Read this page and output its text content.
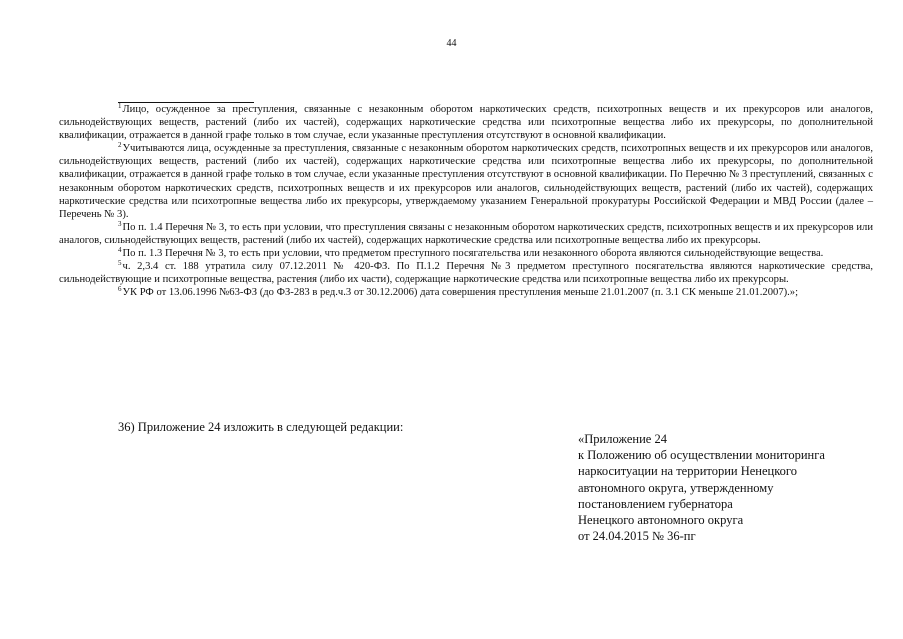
44

$^1$Лицо, осужденное за преступления, связанные с незаконным оборотом наркотических средств, психотропных веществ и их прекурсоров или аналогов, сильнодействующих веществ, растений (либо их частей), содержащих наркотические средства или психотропные вещества либо их прекурсоры, по дополнительной квалификации, отражается в данной графе только в том случае, если указанные преступления отсутствуют в основной квалификации.

$^2$Учитываются лица, осужденные за преступления, связанные с незаконным оборотом наркотических средств, психотропных веществ и их прекурсоров или аналогов, сильнодействующих веществ, растений (либо их частей), содержащих наркотические средства или психотропные вещества либо их прекурсоры, по дополнительной квалификации, отражается в данной графе только в том случае, если указанные преступления отсутствуют в основной квалификации. По Перечню № 3 преступлений, связанных с незаконным оборотом наркотических средств, психотропных веществ и их прекурсоров или аналогов, сильнодействующих веществ, растений (либо их частей), содержащих наркотические средства или психотропные вещества либо их прекурсоры, утверждаемому указанием Генеральной прокуратуры Российской Федерации и МВД России (далее – Перечень № 3).

$^3$По п. 1.4 Перечня № 3, то есть при условии, что преступления связаны с незаконным оборотом наркотических средств, психотропных веществ и их прекурсоров или аналогов, сильнодействующих веществ, растений (либо их частей), содержащих наркотические средства или психотропные вещества либо их прекурсоры.

$^4$По п. 1.3 Перечня № 3, то есть при условии, что предметом преступного посягательства или незаконного оборота являются сильнодействующие вещества.

$^5$ч. 2,3.4 ст. 188 утратила силу 07.12.2011 № 420-ФЗ. По П.1.2 Перечня №3 предметом преступного посягательства являются наркотические средства, сильнодействующие и психотропные вещества, растения (либо их части), содержащие наркотические средства или психотропные вещества либо их прекурсоры.

$^6$УК РФ от 13.06.1996 №63-ФЗ (до ФЗ-283 в ред.ч.3 от 30.12.2006) дата совершения преступления меньше 21.01.2007 (п. 3.1 СК меньше 21.01.2007).»;

36) Приложение 24 изложить в следующей редакции:
«Приложение 24
к Положению об осуществлении мониторинга
наркоситуации на территории Ненецкого
автономного округа, утвержденному
постановлением губернатора
Ненецкого автономного округа
от 24.04.2015 № 36-пг
